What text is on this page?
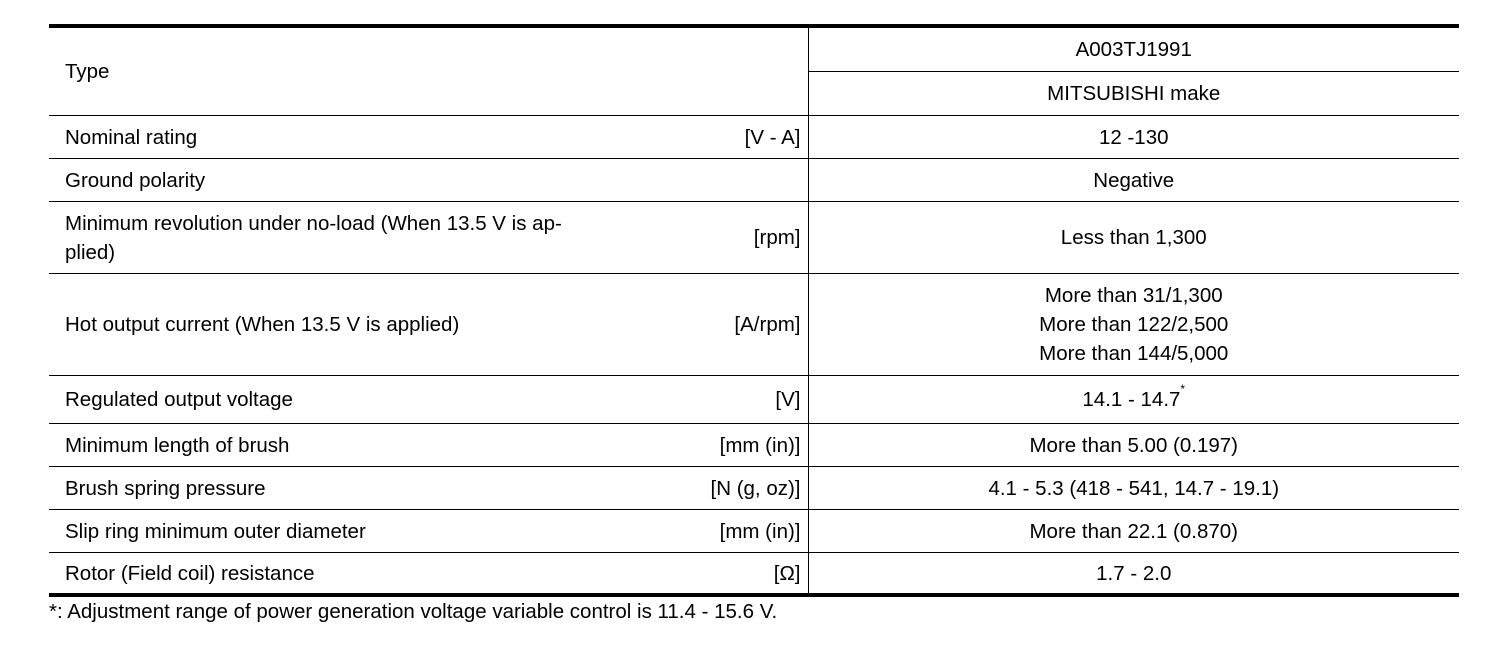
Type		A003TJ1991
		MITSUBISHI make
Nominal rating	[V - A]	12 -130
Ground polarity		Negative
Minimum revolution under no-load (When 13.5 V is ap-
plied)	[rpm]	Less than 1,300
Hot output current (When 13.5 V is applied)	[A/rpm]	More than 31/1,300
More than 122/2,500
More than 144/5,000

Regulated output voltage	[V]	14.1 - 14.7*
Minimum length of brush	[mm (in)]	More than 5.00 (0.197)
Brush spring pressure	[N (g, oz)]	4.1 - 5.3 (418 - 541, 14.7 - 19.1)
Slip ring minimum outer diameter	[mm (in)]	More than 22.1 (0.870)
Rotor (Field coil) resistance	[Ω]	1.7 - 2.0
*: Adjustment range of power generation voltage variable control is 11.4 - 15.6 V.
